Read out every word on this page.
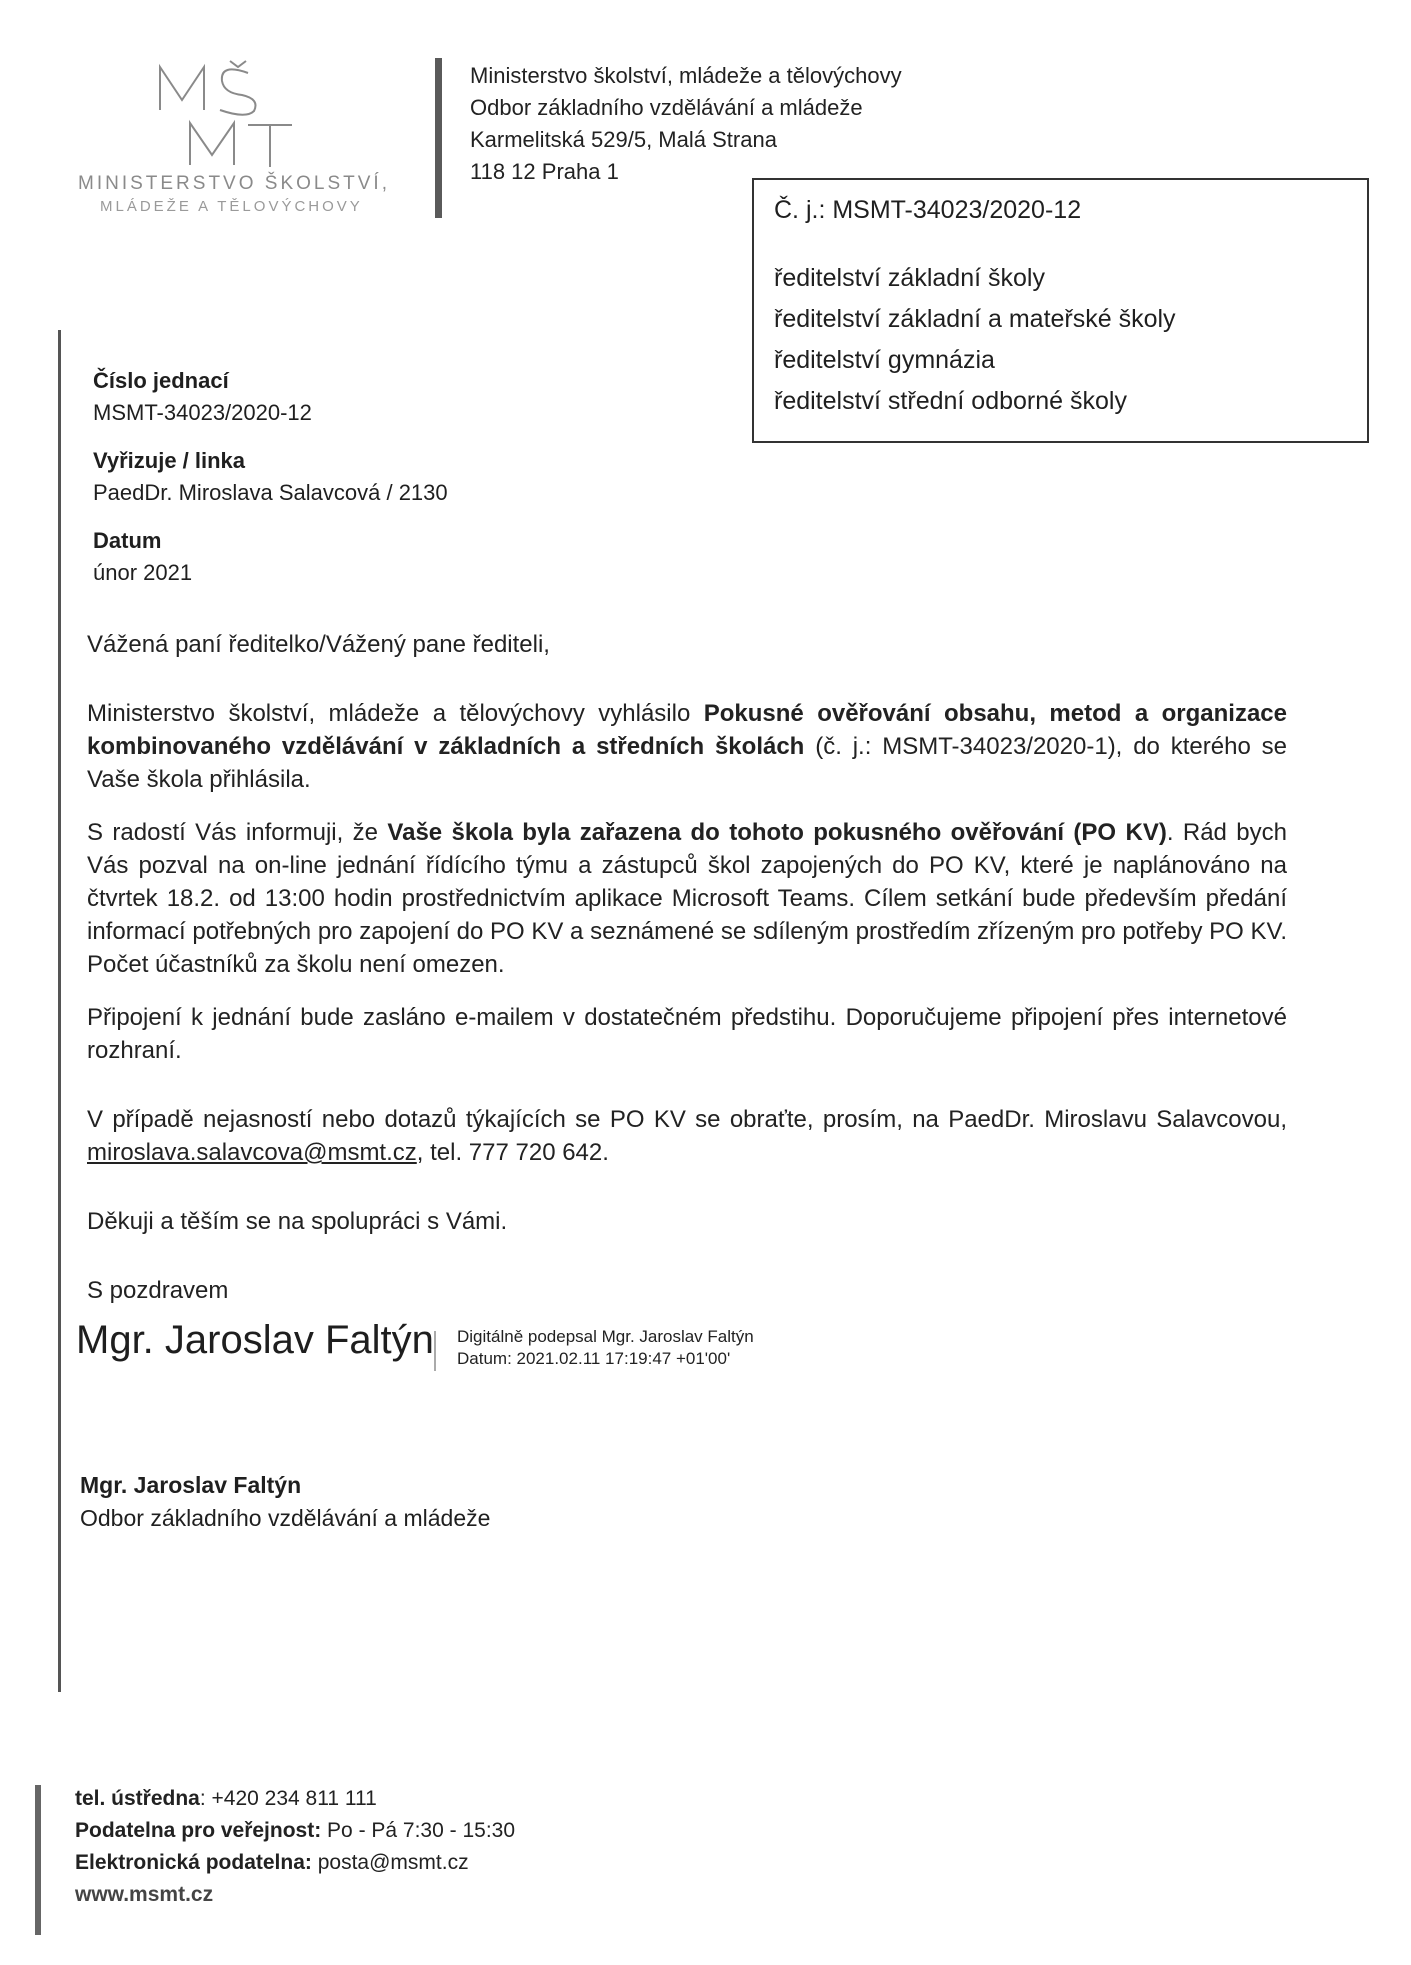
MINISTERSTVO ŠKOLSTVÍ,
MLÁDEŽE A TĚLOVÝCHOVY
Ministerstvo školství, mládeže a tělovýchovy
Odbor základního vzdělávání a mládeže
Karmelitská 529/5, Malá Strana
118 12 Praha 1
Č. j.: MSMT-34023/2020-12
ředitelství základní školy
ředitelství základní a mateřské školy
ředitelství gymnázia
ředitelství střední odborné školy
Číslo jednací
MSMT-34023/2020-12
Vyřizuje / linka
PaedDr. Miroslava Salavcová / 2130
Datum
únor 2021

Vážená paní ředitelko/Vážený pane řediteli,

Ministerstvo školství, mládeže a tělovýchovy vyhlásilo Pokusné ověřování obsahu, metod a organizace kombinovaného vzdělávání v základních a středních školách (č. j.: MSMT-34023/2020-1), do kterého se Vaše škola přihlásila.

S radostí Vás informuji, že Vaše škola byla zařazena do tohoto pokusného ověřování (PO KV). Rád bych Vás pozval na on-line jednání řídícího týmu a zástupců škol zapojených do PO KV, které je naplánováno na čtvrtek 18.2. od 13:00 hodin prostřednictvím aplikace Microsoft Teams. Cílem setkání bude především předání informací potřebných pro zapojení do PO KV a seznámené se sdíleným prostředím zřízeným pro potřeby PO KV. Počet účastníků za školu není omezen.

Připojení k jednání bude zasláno e-mailem v dostatečném předstihu. Doporučujeme připojení přes internetové rozhraní.

V případě nejasností nebo dotazů týkajících se PO KV se obraťte, prosím, na PaedDr. Miroslavu Salavcovou, miroslava.salavcova@msmt.cz, tel. 777 720 642.

Děkuji a těším se na spolupráci s Vámi.

S pozdravem

Mgr. Jaroslav Faltýn Digitálně podepsal Mgr. Jaroslav Faltýn
Datum: 2021.02.11 17:19:47 +01'00'
Mgr. Jaroslav Faltýn
Odbor základního vzdělávání a mládeže
tel. ústředna: +420 234 811 111
Podatelna pro veřejnost: Po - Pá 7:30 - 15:30
Elektronická podatelna: posta@msmt.cz
www.msmt.cz
